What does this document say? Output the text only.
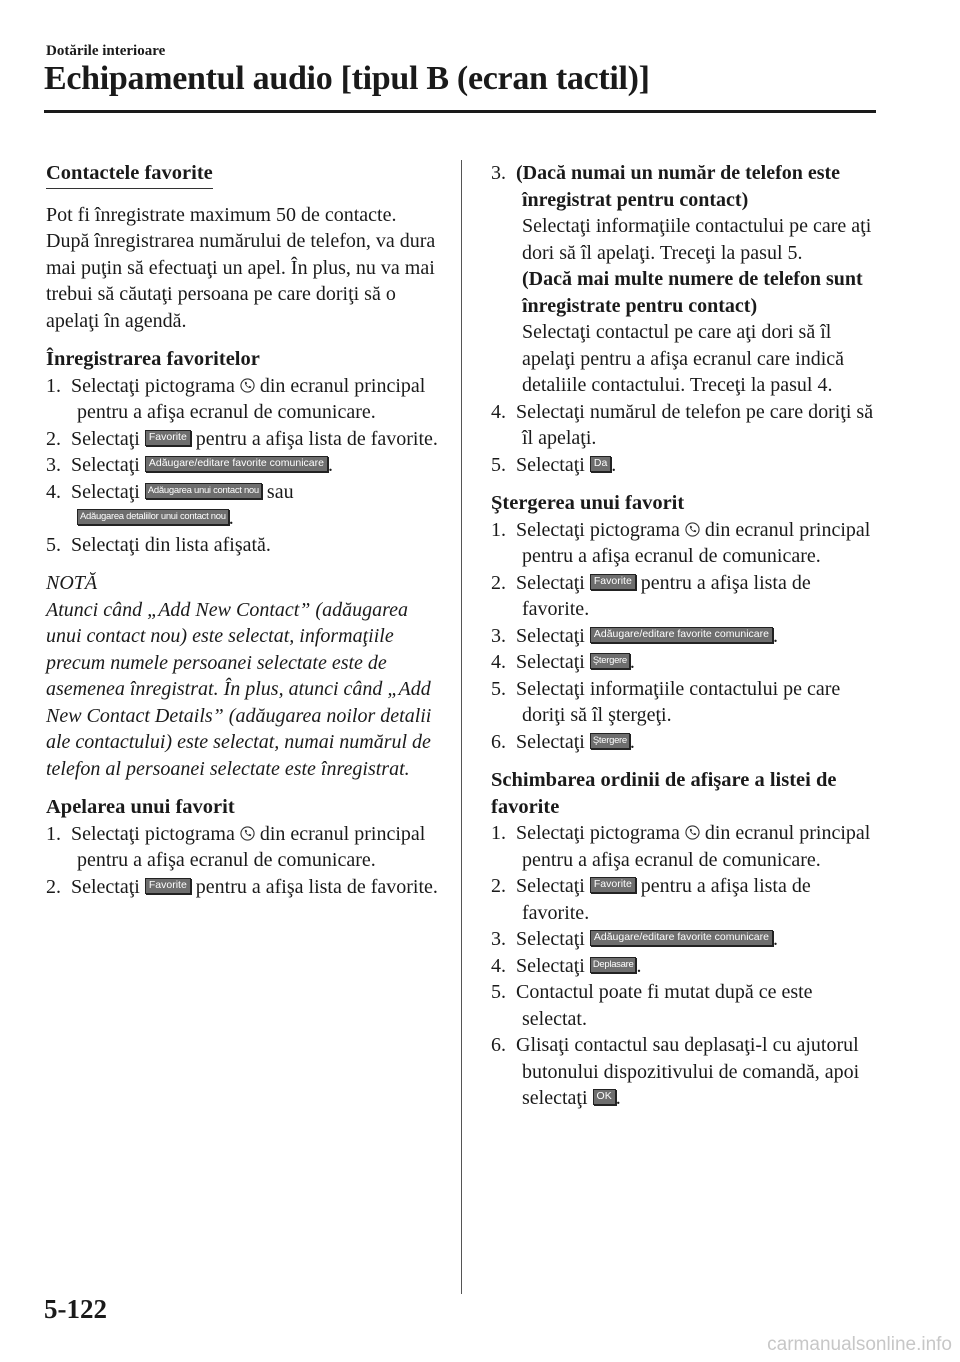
Dotările interioare
Echipamentul audio [tipul B (ecran tactil)]
Contactele favorite

Pot fi înregistrate maximum 50 de contacte. După înregistrarea numărului de telefon, va dura mai puţin să efectuaţi un apel. În plus, nu va mai trebui să căutaţi persoana pe care doriţi să o apelaţi în agendă.

Înregistrarea favoritelor

1. Selectaţi pictograma  din ecranul principal pentru a afişa ecranul de comunicare.

2. Selectaţi Favorite pentru a afişa lista de favorite.

3. Selectaţi Adăugare/editare favorite comunicare .

4. Selectaţi Adăugarea unui contact nou sau
Adăugarea detaliilor unui contact nou .

5. Selectaţi din lista afişată.

NOTĂ

Atunci când „Add New Contact” (adăugarea unui contact nou) este selectat, informaţiile precum numele persoanei selectate este de asemenea înregistrat. În plus, atunci când „Add New Contact Details” (adăugarea noilor detalii ale contactului) este selectat, numai numărul de telefon al persoanei selectate este înregistrat.

Apelarea unui favorit

1. Selectaţi pictograma  din ecranul principal pentru a afişa ecranul de comunicare.

2. Selectaţi Favorite pentru a afişa lista de favorite.

3. (Dacă numai un număr de telefon este înregistrat pentru contact)
Selectaţi informaţiile contactului pe care aţi dori să îl apelaţi. Treceţi la pasul 5.
(Dacă mai multe numere de telefon sunt înregistrate pentru contact)
Selectaţi contactul pe care aţi dori să îl apelaţi pentru a afişa ecranul care indică detaliile contactului. Treceţi la pasul 4.

4. Selectaţi numărul de telefon pe care doriţi să îl apelaţi.

5. Selectaţi Da .

Ştergerea unui favorit

1. Selectaţi pictograma  din ecranul principal pentru a afişa ecranul de comunicare.

2. Selectaţi Favorite pentru a afişa lista de favorite.

3. Selectaţi Adăugare/editare favorite comunicare .

4. Selectaţi Ştergere .

5. Selectaţi informaţiile contactului pe care doriţi să îl ştergeţi.

6. Selectaţi Ştergere .

Schimbarea ordinii de afişare a listei de favorite

1. Selectaţi pictograma  din ecranul principal pentru a afişa ecranul de comunicare.

2. Selectaţi Favorite pentru a afişa lista de favorite.

3. Selectaţi Adăugare/editare favorite comunicare .

4. Selectaţi Deplasare .

5. Contactul poate fi mutat după ce este selectat.

6. Glisaţi contactul sau deplasaţi-l cu ajutorul butonului dispozitivului de comandă, apoi selectaţi OK .

5-122
carmanualsonline.info
